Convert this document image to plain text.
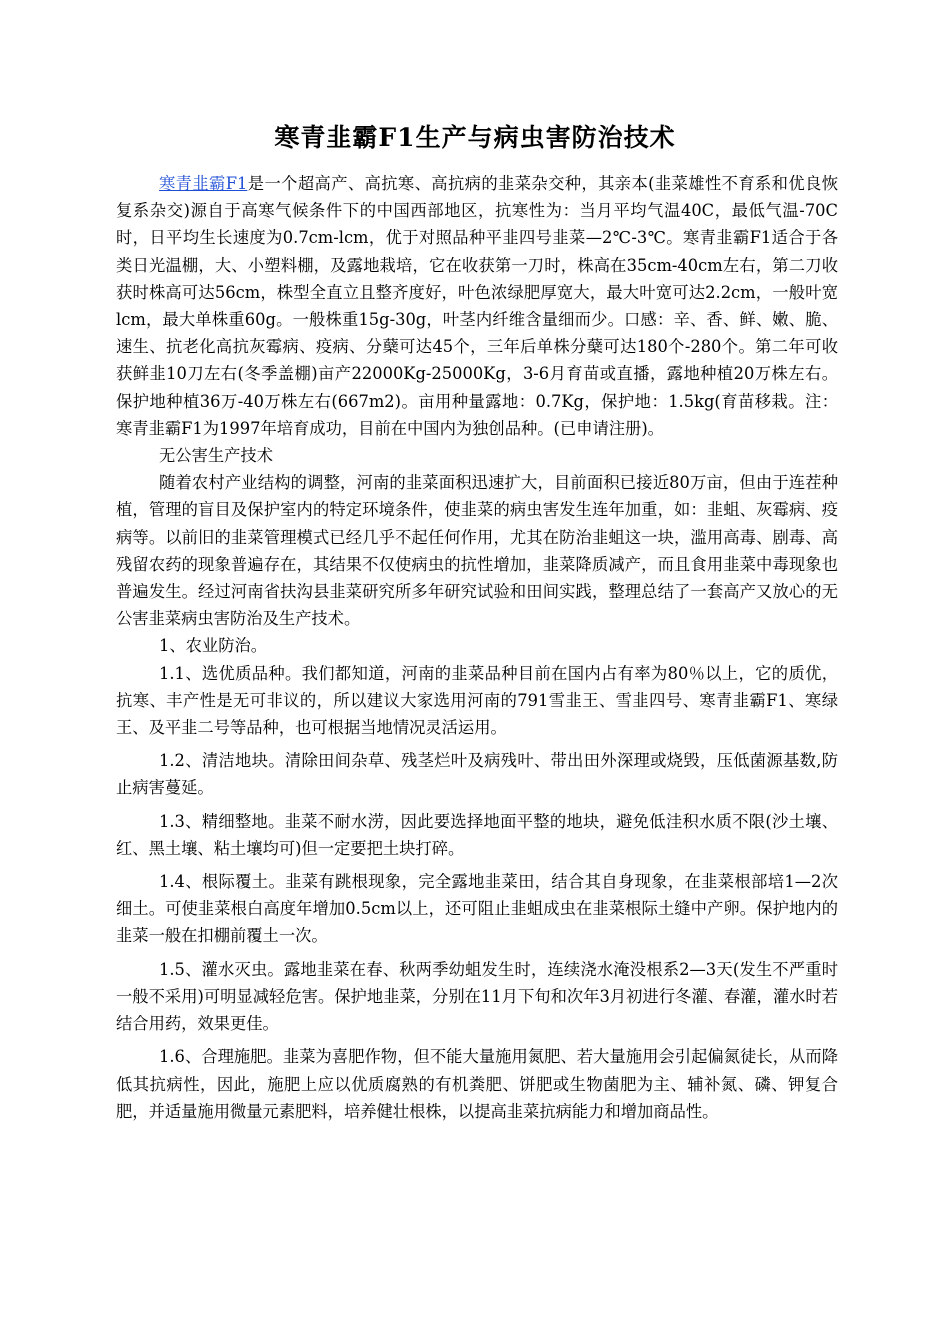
寒青韭霸F1生产与病虫害防治技术

寒青韭霸F1是一个超高产、高抗寒、高抗病的韭菜杂交种，其亲本(韭菜雄性不育系和优良恢复系杂交)源自于高寒气候条件下的中国西部地区，抗寒性为：当月平均气温40C，最低气温-70C时，日平均生长速度为0.7cm-lcm，优于对照品种平韭四号韭菜—2℃-3℃。寒青韭霸F1适合于各类日光温棚，大、小塑料棚，及露地栽培，它在收获第一刀时，株高在35cm-40cm左右，第二刀收获时株高可达56cm，株型全直立且整齐度好，叶色浓绿肥厚宽大，最大叶宽可达2.2cm，一般叶宽lcm，最大单株重60g。一般株重15g-30g，叶茎内纤维含量细而少。口感：辛、香、鲜、嫩、脆、速生、抗老化高抗灰霉病、疫病、分蘖可达45个，三年后单株分蘖可达180个-280个。第二年可收获鲜韭10刀左右(冬季盖棚)亩产22000Kg-25000Kg，3-6月育苗或直播，露地种植20万株左右。保护地种植36万-40万株左右(667m2)。亩用种量露地：0.7Kg，保护地：1.5kg(育苗移栽。注：寒青韭霸F1为1997年培育成功，目前在中国内为独创品种。(已申请注册)。

无公害生产技术

随着农村产业结构的调整，河南的韭菜面积迅速扩大，目前面积已接近80万亩，但由于连茬种植，管理的盲目及保护室内的特定环境条件，使韭菜的病虫害发生连年加重，如：韭蛆、灰霉病、疫病等。以前旧的韭菜管理模式已经几乎不起任何作用，尤其在防治韭蛆这一块，滥用高毒、剧毒、高残留农药的现象普遍存在，其结果不仅使病虫的抗性增加，韭菜降质减产，而且食用韭菜中毒现象也普遍发生。经过河南省扶沟县韭菜研究所多年研究试验和田间实践，整理总结了一套高产又放心的无公害韭菜病虫害防治及生产技术。

1、农业防治。

1.1、选优质品种。我们都知道，河南的韭菜品种目前在国内占有率为80％以上，它的质优，抗寒、丰产性是无可非议的，所以建议大家选用河南的791雪韭王、雪韭四号、寒青韭霸F1、寒绿王、及平韭二号等品种，也可根据当地情况灵活运用。

1.2、清洁地块。清除田间杂草、残茎烂叶及病残叶、带出田外深理或烧毁，压低菌源基数,防止病害蔓延。

1.3、精细整地。韭菜不耐水涝，因此要选择地面平整的地块，避免低洼积水质不限(沙土壤、红、黑土壤、粘土壤均可)但一定要把土块打碎。

1.4、根际覆土。韭菜有跳根现象，完全露地韭菜田，结合其自身现象，在韭菜根部培1—2次细土。可使韭菜根白高度年增加0.5cm以上，还可阻止韭蛆成虫在韭菜根际土缝中产卵。保护地内的韭菜一般在扣棚前覆土一次。

1.5、灌水灭虫。露地韭菜在春、秋两季幼蛆发生时，连续浇水淹没根系2—3天(发生不严重时一般不采用)可明显减轻危害。保护地韭菜，分别在11月下旬和次年3月初进行冬灌、春灌，灌水时若结合用药，效果更佳。

1.6、合理施肥。韭菜为喜肥作物，但不能大量施用氮肥、若大量施用会引起偏氮徒长，从而降低其抗病性，因此，施肥上应以优质腐熟的有机粪肥、饼肥或生物菌肥为主、辅补氮、磷、钾复合肥，并适量施用微量元素肥料，培养健壮根株，以提高韭菜抗病能力和增加商品性。
